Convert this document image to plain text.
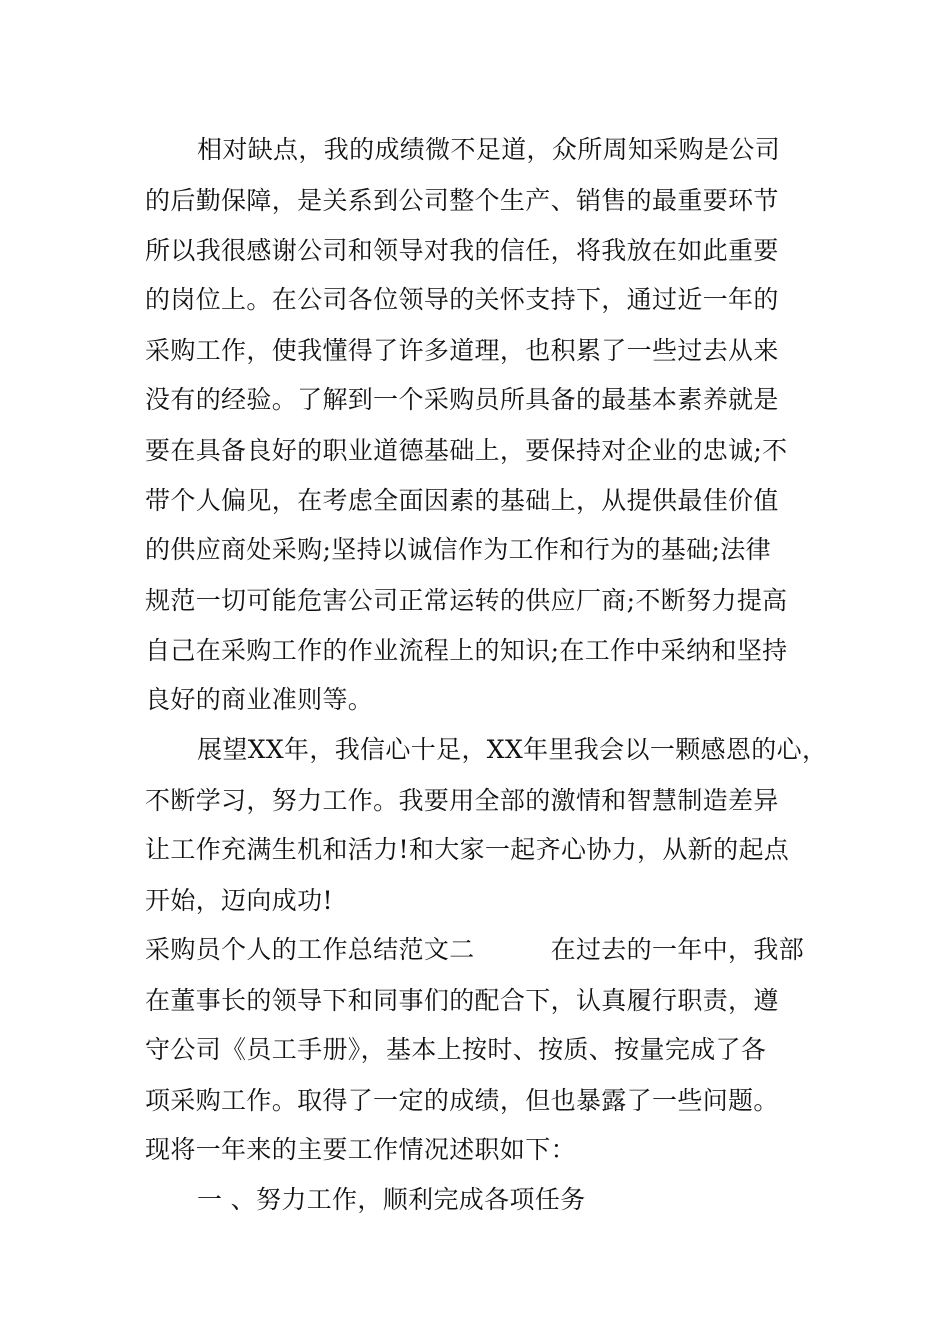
相对缺点，我的成绩微不足道，众所周知采购是公司
的后勤保障，是关系到公司整个生产、销售的最重要环节
所以我很感谢公司和领导对我的信任，将我放在如此重要
的岗位上。在公司各位领导的关怀支持下，通过近一年的
采购工作，使我懂得了许多道理，也积累了一些过去从来
没有的经验。了解到一个采购员所具备的最基本素养就是
要在具备良好的职业道德基础上，要保持对企业的忠诚;不
带个人偏见，在考虑全面因素的基础上，从提供最佳价值
的供应商处采购;坚持以诚信作为工作和行为的基础;法律
规范一切可能危害公司正常运转的供应厂商;不断努力提高
自己在采购工作的作业流程上的知识;在工作中采纳和坚持
良好的商业准则等。
展望XX年，我信心十足，XX年里我会以一颗感恩的心，
不断学习，努力工作。我要用全部的激情和智慧制造差异
让工作充满生机和活力!和大家一起齐心协力，从新的起点
开始，迈向成功!
采购员个人的工作总结范文二　　　在过去的一年中，我部
在董事长的领导下和同事们的配合下，认真履行职责，遵
守公司《员工手册》，基本上按时、按质、按量完成了各
项采购工作。取得了一定的成绩，但也暴露了一些问题。
现将一年来的主要工作情况述职如下：
一 、努力工作，顺利完成各项任务
